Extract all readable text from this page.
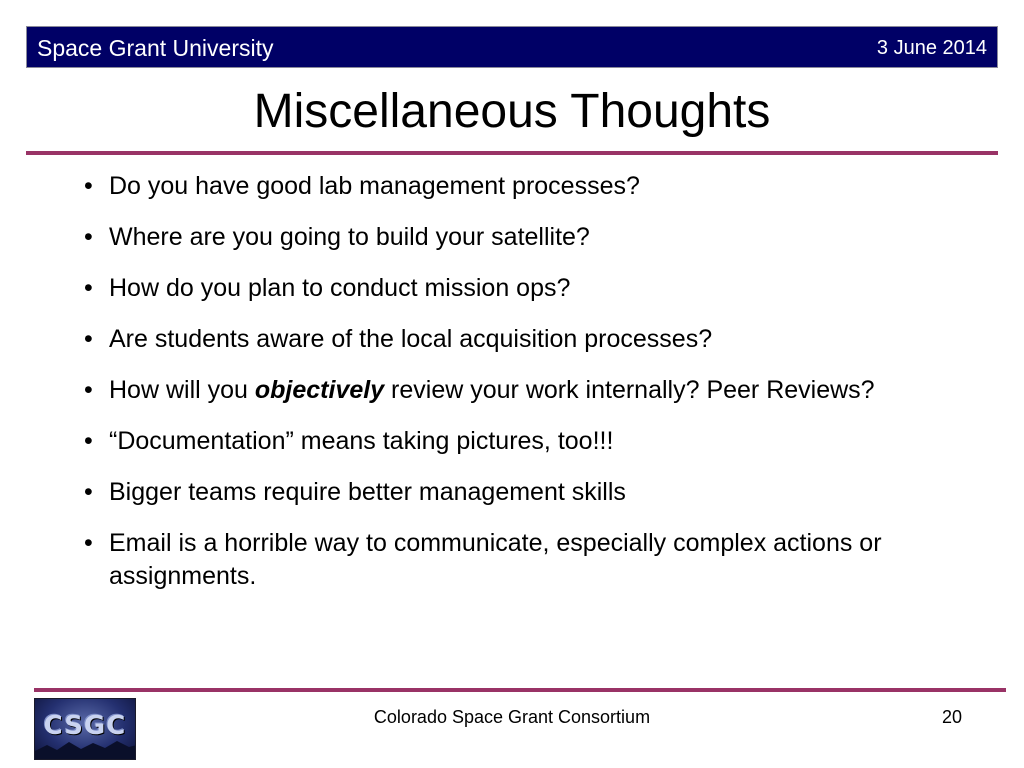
Space Grant University	3 June 2014
Miscellaneous Thoughts
• Do you have good lab management processes?
• Where are you going to build your satellite?
• How do you plan to conduct mission ops?
• Are students aware of the local acquisition processes?
• How will you objectively review your work internally? Peer Reviews?
• “Documentation” means taking pictures, too!!!
• Bigger teams require better management skills
• Email is a horrible way to communicate, especially complex actions or assignments.
CSGC	Colorado Space Grant Consortium	20
